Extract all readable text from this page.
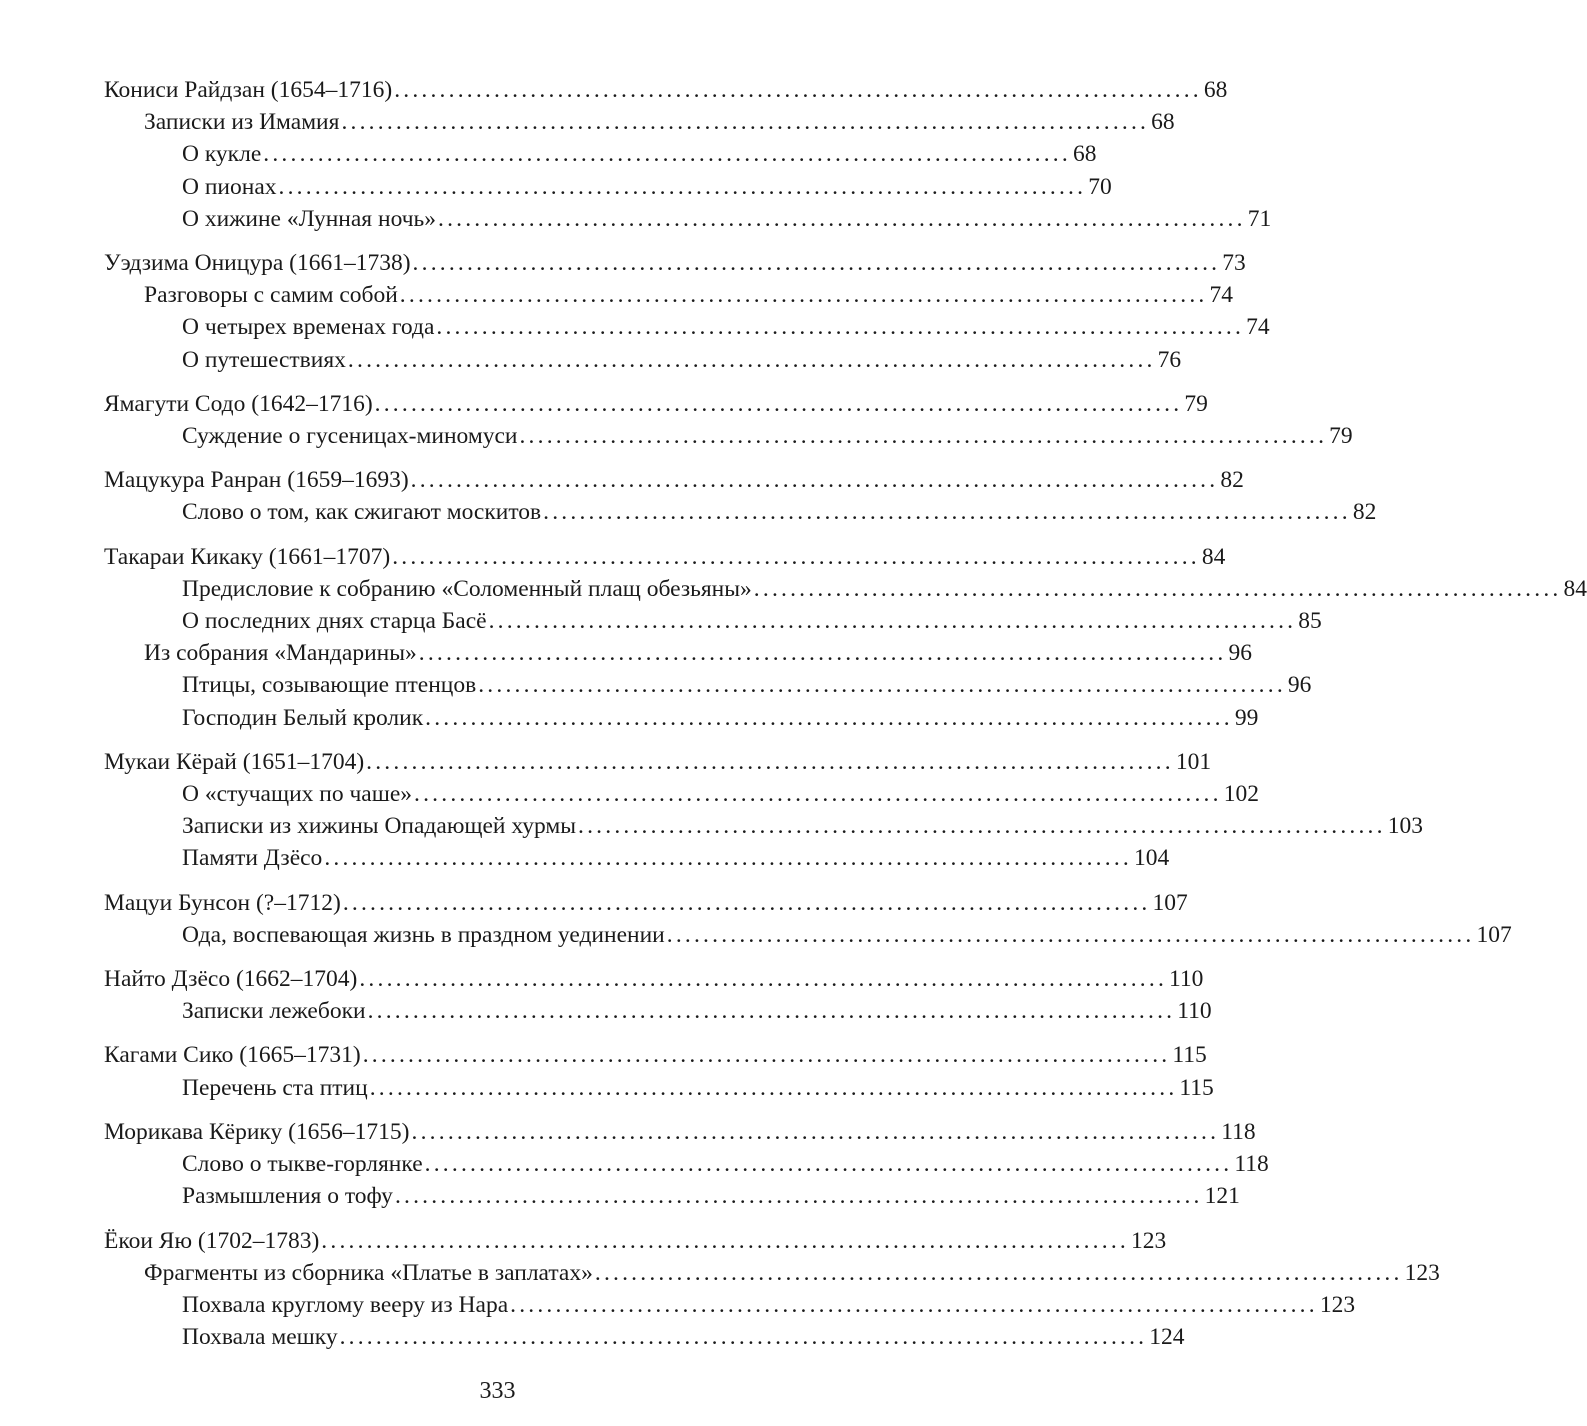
Кониси Райдзан (1654–1716) ......................................................................................... 68
Записки из Имамия ......................................................................................... 68
О кукле ......................................................................................... 68
О пионах ......................................................................................... 70
О хижине «Лунная ночь» ......................................................................................... 71
Уэдзима Оницура (1661–1738) ......................................................................................... 73
Разговоры с самим собой ......................................................................................... 74
О четырех временах года ......................................................................................... 74
О путешествиях ......................................................................................... 76
Ямагути Содо (1642–1716) ......................................................................................... 79
Суждение о гусеницах-миномуси ......................................................................................... 79
Мацукура Ранран (1659–1693) ......................................................................................... 82
Слово о том, как сжигают москитов ......................................................................................... 82
Такараи Кикаку (1661–1707) ......................................................................................... 84
Предисловие к собранию «Соломенный плащ обезьяны» ......................................................................................... 84
О последних днях старца Басё ......................................................................................... 85
Из собрания «Мандарины» ......................................................................................... 96
Птицы, созывающие птенцов ......................................................................................... 96
Господин Белый кролик ......................................................................................... 99
Мукаи Кёрай (1651–1704) ......................................................................................... 101
О «стучащих по чаше» ......................................................................................... 102
Записки из хижины Опадающей хурмы ......................................................................................... 103
Памяти Дзёсо ......................................................................................... 104
Мацуи Бунсон (?–1712) ......................................................................................... 107
Ода, воспевающая жизнь в праздном уединении ......................................................................................... 107
Найто Дзёсо (1662–1704) ......................................................................................... 110
Записки лежебоки ......................................................................................... 110
Кагами Сико (1665–1731) ......................................................................................... 115
Перечень ста птиц ......................................................................................... 115
Морикава Кёрику (1656–1715) ......................................................................................... 118
Слово о тыкве-горлянке ......................................................................................... 118
Размышления о тофу ......................................................................................... 121
Ёкои Яю (1702–1783) ......................................................................................... 123
Фрагменты из сборника «Платье в заплатах» ......................................................................................... 123
Похвала круглому вееру из Нара ......................................................................................... 123
Похвала мешку ......................................................................................... 124
333
